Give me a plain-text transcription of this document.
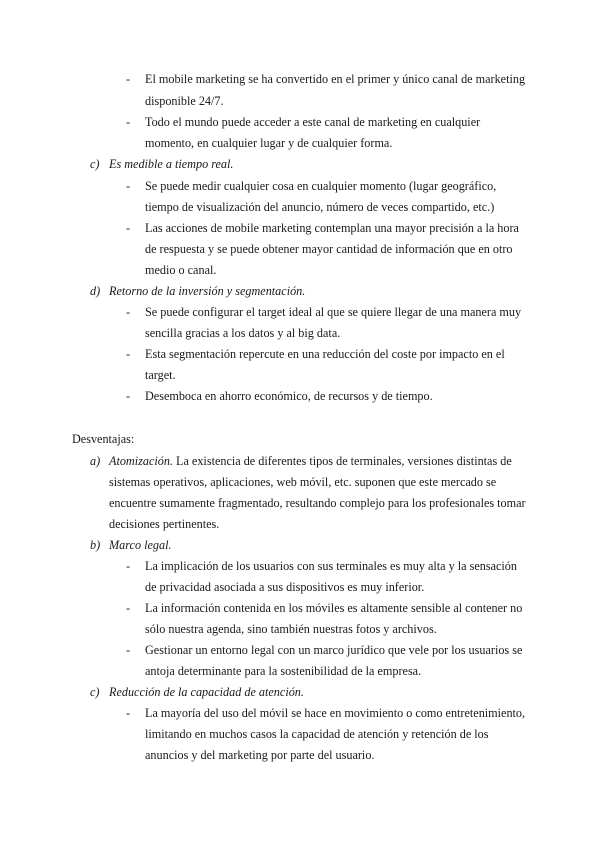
- El mobile marketing se ha convertido en el primer y único canal de marketing
disponible 24/7.
- Todo el mundo puede acceder a este canal de marketing en cualquier
momento, en cualquier lugar y de cualquier forma.
c) Es medible a tiempo real.
- Se puede medir cualquier cosa en cualquier momento (lugar geográfico,
tiempo de visualización del anuncio, número de veces compartido, etc.)
- Las acciones de mobile marketing contemplan una mayor precisión a la hora
de respuesta y se puede obtener mayor cantidad de información que en otro
medio o canal.
d) Retorno de la inversión y segmentación.
- Se puede configurar el target ideal al que se quiere llegar de una manera muy
sencilla gracias a los datos y al big data.
- Esta segmentación repercute en una reducción del coste por impacto en el
target.
- Desemboca en ahorro económico, de recursos y de tiempo.
Desventajas:
a) Atomización. La existencia de diferentes tipos de terminales, versiones distintas de
sistemas operativos, aplicaciones, web móvil, etc. suponen que este mercado se
encuentre sumamente fragmentado, resultando complejo para los profesionales tomar
decisiones pertinentes.
b) Marco legal.
- La implicación de los usuarios con sus terminales es muy alta y la sensación
de privacidad asociada a sus dispositivos es muy inferior.
- La información contenida en los móviles es altamente sensible al contener no
sólo nuestra agenda, sino también nuestras fotos y archivos.
- Gestionar un entorno legal con un marco jurídico que vele por los usuarios se
antoja determinante para la sostenibilidad de la empresa.
c) Reducción de la capacidad de atención.
- La mayoría del uso del móvil se hace en movimiento o como entretenimiento,
limitando en muchos casos la capacidad de atención y retención de los
anuncios y del marketing por parte del usuario.
